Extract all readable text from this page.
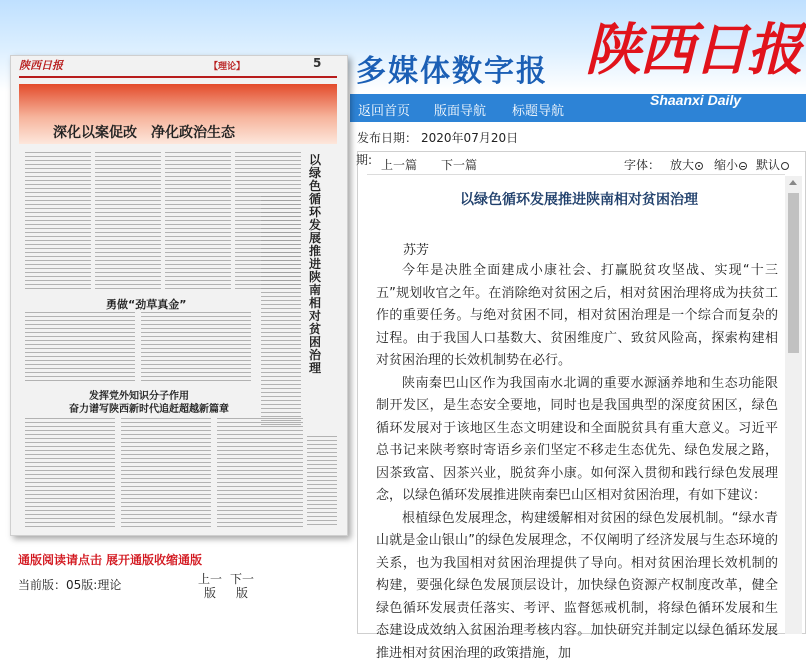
多媒体数字报 陕西日报
Shaanxi Daily
返回首页 版面导航 标题导航
陕西日报	【理论】	5
深化以案促改　净化政治生态
以绿色循环发展推进陕南相对贫困治理
勇做“劲草真金”
发挥党外知识分子作用
奋力谱写陕西新时代追赶超越新篇章
通版阅读请点击 展开通版收缩通版
当前版：05版:理论	上一版
下一版
发布日期： 2020年07月20日
期: 上一篇 下一篇	字体： 放大	缩小	默认
以绿色循环发展推进陕南相对贫困治理
苏芳

今年是决胜全面建成小康社会、打赢脱贫攻坚战、实现“十三五”规划收官之年。在消除绝对贫困之后，相对贫困治理将成为扶贫工作的重要任务。与绝对贫困不同，相对贫困治理是一个综合而复杂的过程。由于我国人口基数大、贫困维度广、致贫风险高，探索构建相对贫困治理的长效机制势在必行。

陕南秦巴山区作为我国南水北调的重要水源涵养地和生态功能限制开发区，是生态安全要地，同时也是我国典型的深度贫困区，绿色循环发展对于该地区生态文明建设和全面脱贫具有重大意义。习近平总书记来陕考察时寄语乡亲们坚定不移走生态优先、绿色发展之路，因茶致富、因茶兴业，脱贫奔小康。如何深入贯彻和践行绿色发展理念，以绿色循环发展推进陕南秦巴山区相对贫困治理，有如下建议：

根植绿色发展理念，构建缓解相对贫困的绿色发展机制。“绿水青山就是金山银山”的绿色发展理念，不仅阐明了经济发展与生态环境的关系，也为我国相对贫困治理提供了导向。相对贫困治理长效机制的构建，要强化绿色发展顶层设计，加快绿色资源产权制度改革，健全绿色循环发展责任落实、考评、监督惩戒机制，将绿色循环发展和生态建设成效纳入贫困治理考核内容。加快研究并制定以绿色循环发展推进相对贫困治理的政策措施，加
